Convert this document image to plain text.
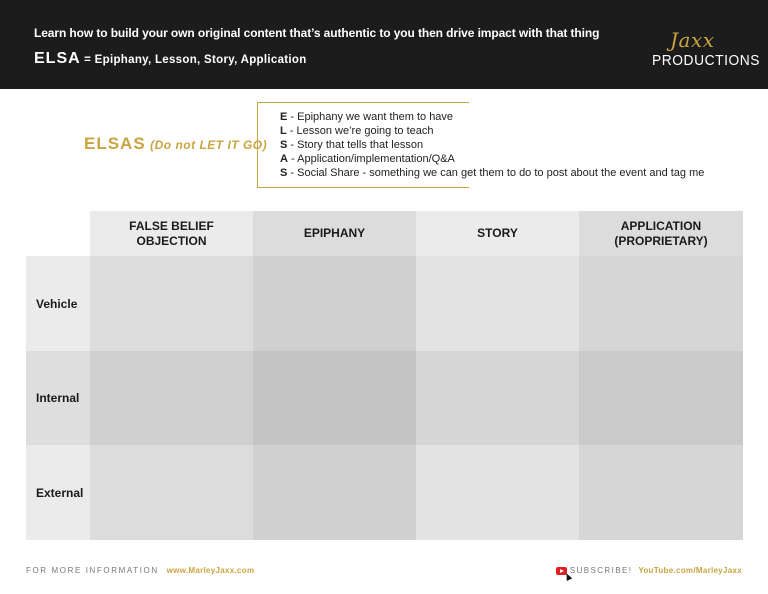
Learn how to build your own original content that’s authentic to you then drive impact with that thing
ELSA = Epiphany, Lesson, Story, Application
Jaxx
PRODUCTIONS
ELSAS (Do not LET IT GO)
E - Epiphany we want them to have
L - Lesson we’re going to teach
S - Story that tells that lesson
A - Application/implementation/Q&A
S - Social Share - something we can get them to do to post about the event and tag me
FALSE BELIEF
OBJECTION
EPIPHANY	STORY
APPLICATION
(PROPRIETARY)
Vehicle
Internal
External
FOR MORE INFORMATION www.MarleyJaxx.com	SUBSCRIBE! YouTube.com/MarleyJaxx
